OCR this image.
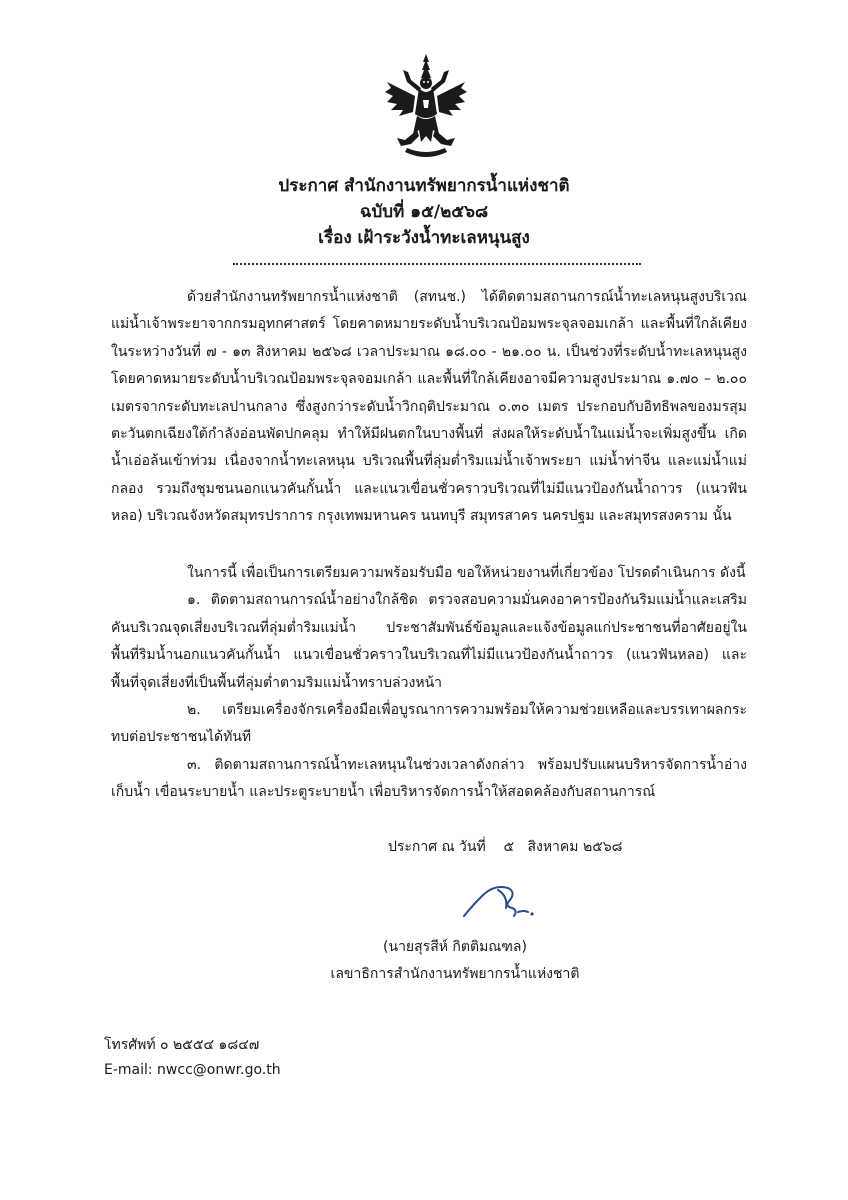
ประกาศ สำนักงานทรัพยากรน้ำแห่งชาติ
ฉบับที่ ๑๕/๒๕๖๘
เรื่อง เฝ้าระวังน้ำทะเลหนุนสูง

ด้วยสำนักงานทรัพยากรน้ำแห่งชาติ (สทนช.) ได้ติดตามสถานการณ์น้ำทะเลหนุนสูงบริเวณแม่น้ำเจ้าพระยาจากกรมอุทกศาสตร์ โดยคาดหมายระดับน้ำบริเวณป้อมพระจุลจอมเกล้า และพื้นที่ใกล้เคียงในระหว่างวันที่ ๗ - ๑๓ สิงหาคม ๒๕๖๘ เวลาประมาณ ๑๘.๐๐ - ๒๑.๐๐ น. เป็นช่วงที่ระดับน้ำทะเลหนุนสูงโดยคาดหมายระดับน้ำบริเวณป้อมพระจุลจอมเกล้า และพื้นที่ใกล้เคียงอาจมีความสูงประมาณ ๑.๗๐ – ๒.๐๐ เมตรจากระดับทะเลปานกลาง ซึ่งสูงกว่าระดับน้ำวิกฤติประมาณ ๐.๓๐ เมตร ประกอบกับอิทธิพลของมรสุมตะวันตกเฉียงใต้กำลังอ่อนพัดปกคลุม ทำให้มีฝนตกในบางพื้นที่ ส่งผลให้ระดับน้ำในแม่น้ำจะเพิ่มสูงขึ้น เกิดน้ำเอ่อล้นเข้าท่วม เนื่องจากน้ำทะเลหนุน บริเวณพื้นที่ลุ่มต่ำริมแม่น้ำเจ้าพระยา แม่น้ำท่าจีน และแม่น้ำแม่กลอง รวมถึงชุมชนนอกแนวคันกั้นน้ำ และแนวเขื่อนชั่วคราวบริเวณที่ไม่มีแนวป้องกันน้ำถาวร (แนวฟันหลอ) บริเวณจังหวัดสมุทรปราการ กรุงเทพมหานคร นนทบุรี สมุทรสาคร นครปฐม และสมุทรสงคราม นั้น

ในการนี้ เพื่อเป็นการเตรียมความพร้อมรับมือ ขอให้หน่วยงานที่เกี่ยวข้อง โปรดดำเนินการ ดังนี้

๑. ติดตามสถานการณ์น้ำอย่างใกล้ชิด ตรวจสอบความมั่นคงอาคารป้องกันริมแม่น้ำและเสริมคันบริเวณจุดเสี่ยงบริเวณที่ลุ่มต่ำริมแม่น้ำ ประชาสัมพันธ์ข้อมูลและแจ้งข้อมูลแก่ประชาชนที่อาศัยอยู่ในพื้นที่ริมน้ำนอกแนวคันกั้นน้ำ แนวเขื่อนชั่วคราวในบริเวณที่ไม่มีแนวป้องกันน้ำถาวร (แนวฟันหลอ) และพื้นที่จุดเสี่ยงที่เป็นพื้นที่ลุ่มต่ำตามริมแม่น้ำทราบล่วงหน้า

๒. เตรียมเครื่องจักรเครื่องมือเพื่อบูรณาการความพร้อมให้ความช่วยเหลือและบรรเทาผลกระทบต่อประชาชนได้ทันที

๓. ติดตามสถานการณ์น้ำทะเลหนุนในช่วงเวลาดังกล่าว พร้อมปรับแผนบริหารจัดการน้ำอ่างเก็บน้ำ เขื่อนระบายน้ำ และประตูระบายน้ำ เพื่อบริหารจัดการน้ำให้สอดคล้องกับสถานการณ์

ประกาศ ณ วันที่    ๕   สิงหาคม ๒๕๖๘
(นายสุรสีห์ กิตติมณฑล)
เลขาธิการสำนักงานทรัพยากรน้ำแห่งชาติ
โทรศัพท์ ๐ ๒๕๕๔ ๑๘๔๗
E-mail: nwcc@onwr.go.th
